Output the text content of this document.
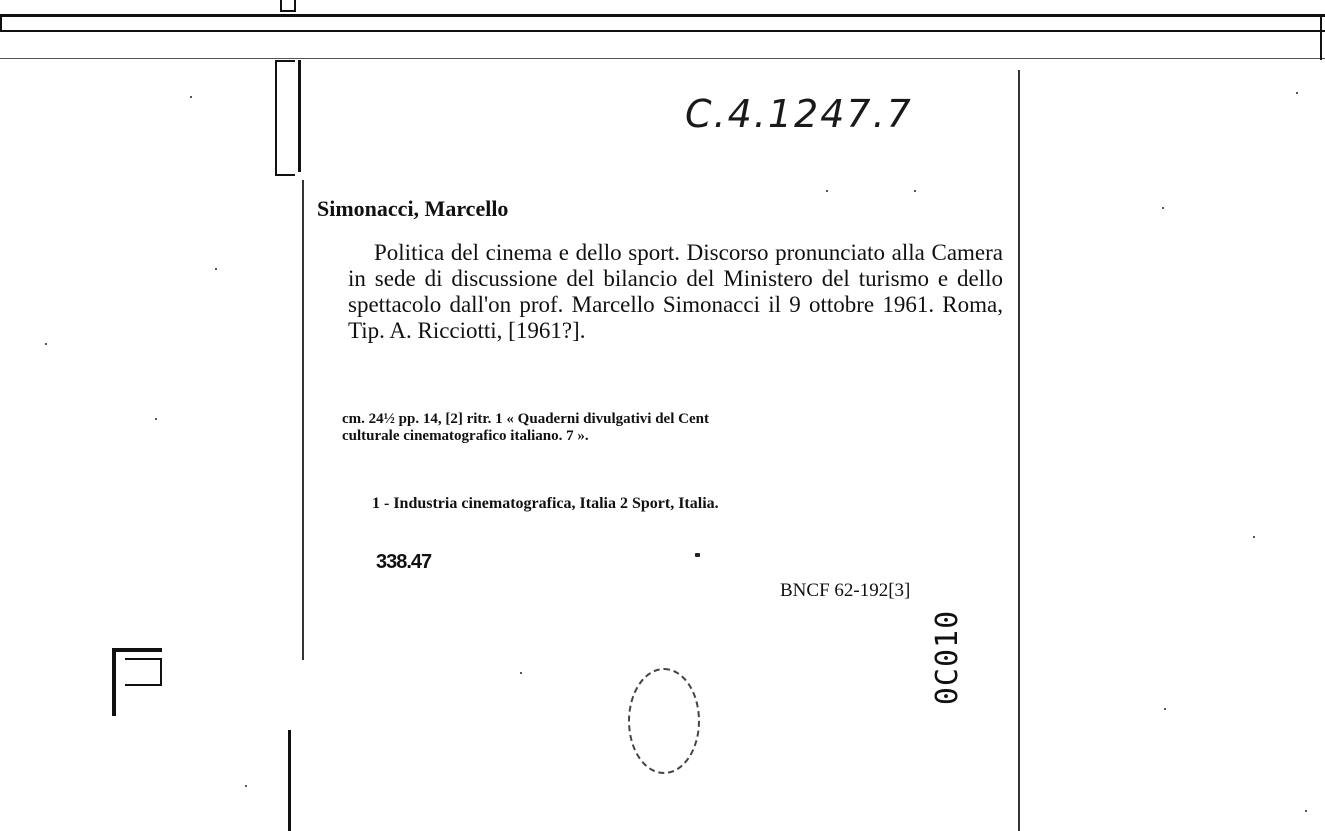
C.4.1247.7
Simonacci, Marcello

Politica del cinema e dello sport. Discorso pronunciato alla Camera in sede di discussione del bilancio del Ministero del turismo e dello spettacolo dall'on prof. Marcello Simonacci il 9 ottobre 1961. Roma, Tip. A. Ricciotti, [1961?].

cm. 24½ pp. 14, [2] ritr. 1 « Quaderni divulgativi del Cent
culturale cinematografico italiano. 7 ».
1 - Industria cinematografica, Italia 2 Sport, Italia.
338.47
BNCF 62-192[3]
0C010
